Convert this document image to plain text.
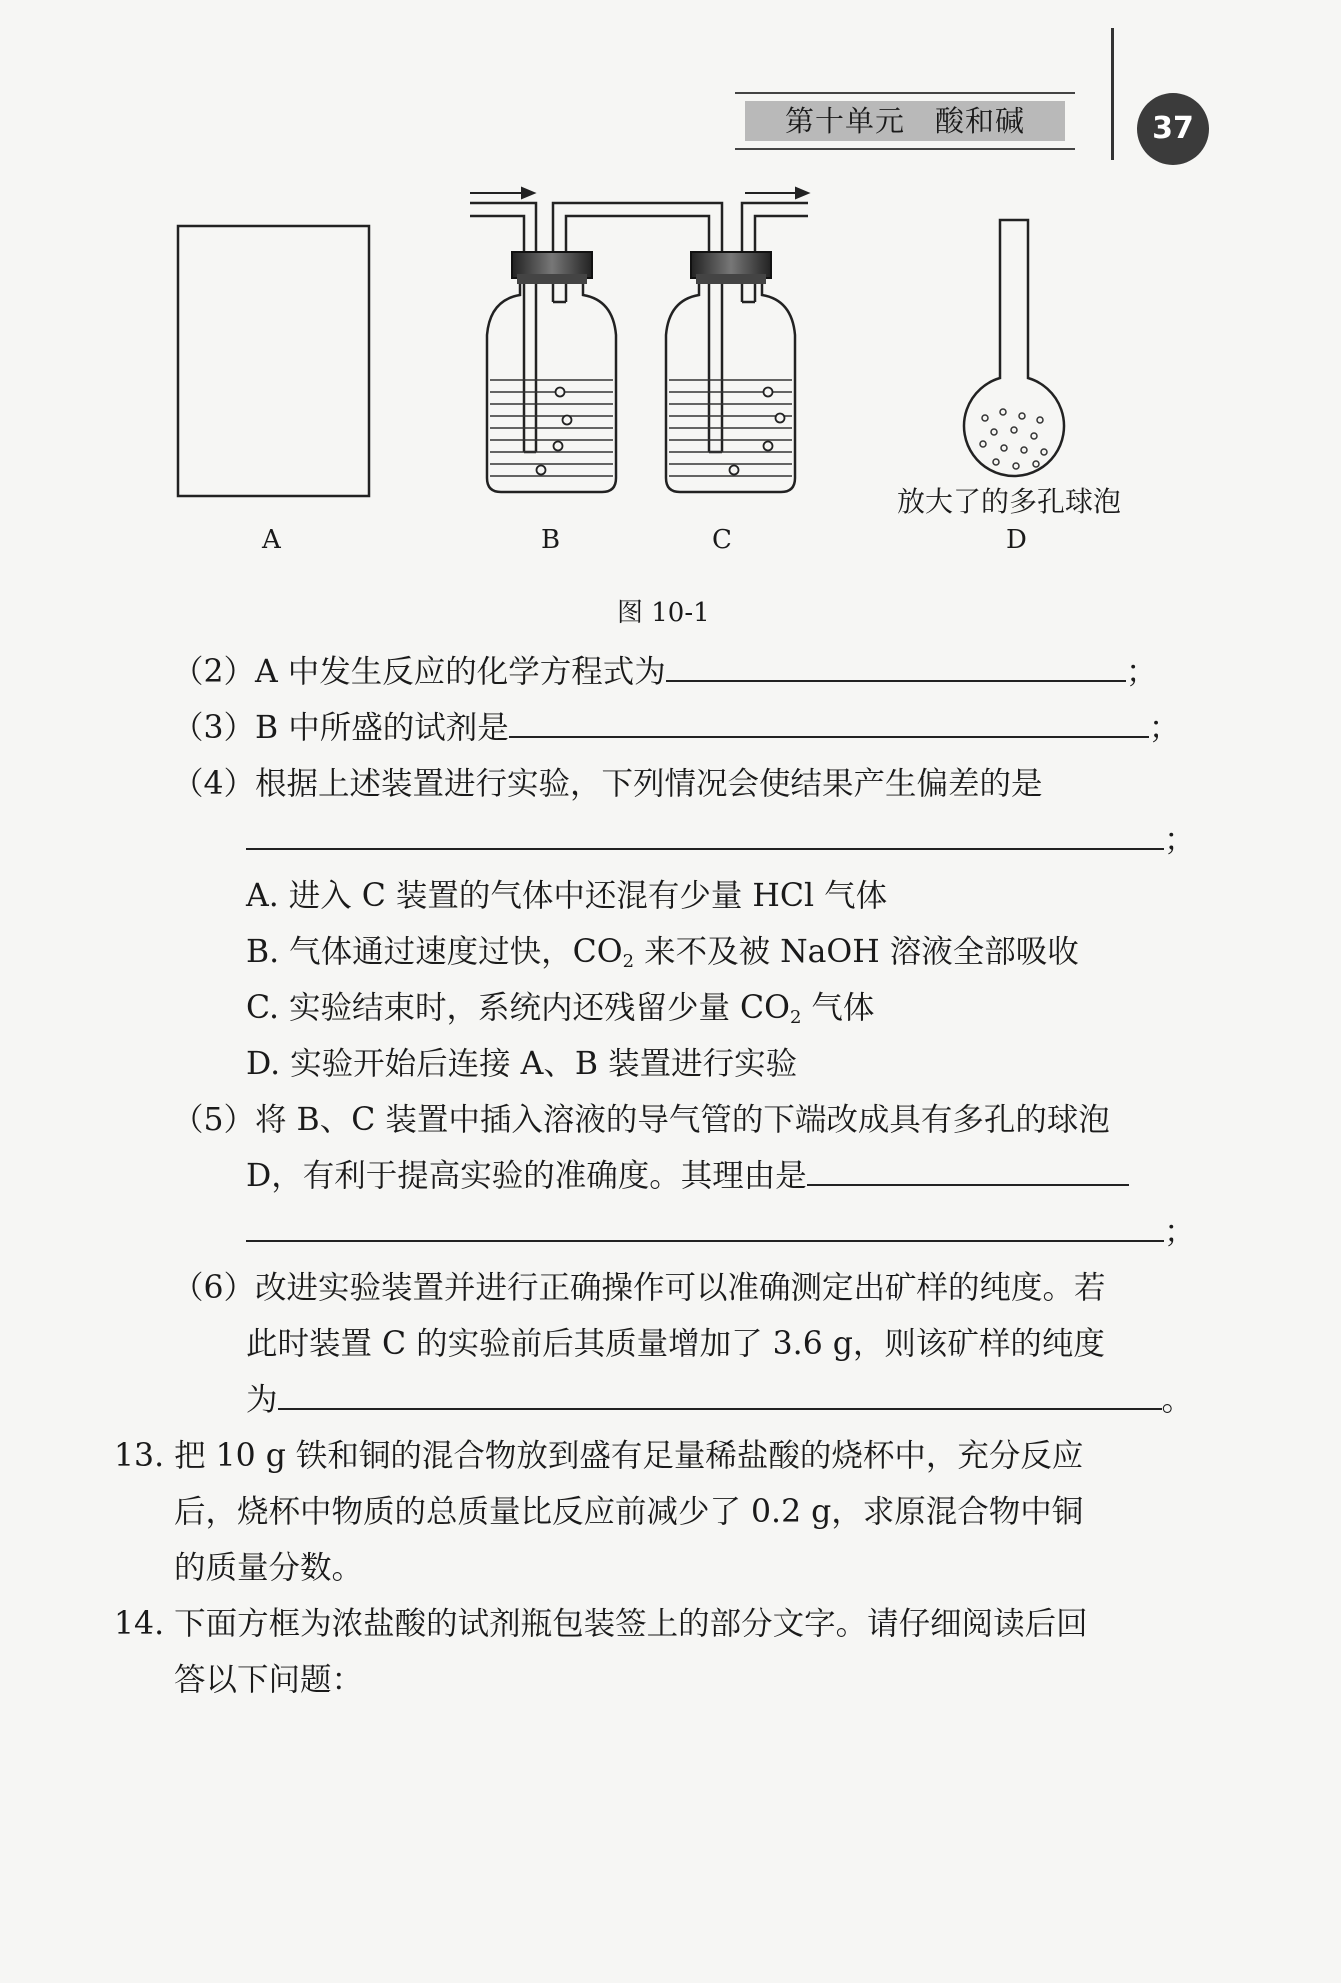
第十单元　酸和碱	37
A	B	C	D
放大了的多孔球泡
图 10-1
（2）A 中发生反应的化学方程式为	；
（3）B 中所盛的试剂是	；
（4）根据上述装置进行实验，下列情况会使结果产生偏差的是
；
A. 进入 C 装置的气体中还混有少量 HCl 气体
B. 气体通过速度过快，$CO_2$ 来不及被 NaOH 溶液全部吸收
C. 实验结束时，系统内还残留少量 $CO_2$ 气体
D. 实验开始后连接 A、B 装置进行实验
（5）将 B、C 装置中插入溶液的导气管的下端改成具有多孔的球泡
D，有利于提高实验的准确度。其理由是
；
（6）改进实验装置并进行正确操作可以准确测定出矿样的纯度。若
此时装置 C 的实验前后其质量增加了 3.6 g，则该矿样的纯度
为	。
13. 把 10 g 铁和铜的混合物放到盛有足量稀盐酸的烧杯中，充分反应
后，烧杯中物质的总质量比反应前减少了 0.2 g，求原混合物中铜
的质量分数。
14. 下面方框为浓盐酸的试剂瓶包装签上的部分文字。请仔细阅读后回
答以下问题：
